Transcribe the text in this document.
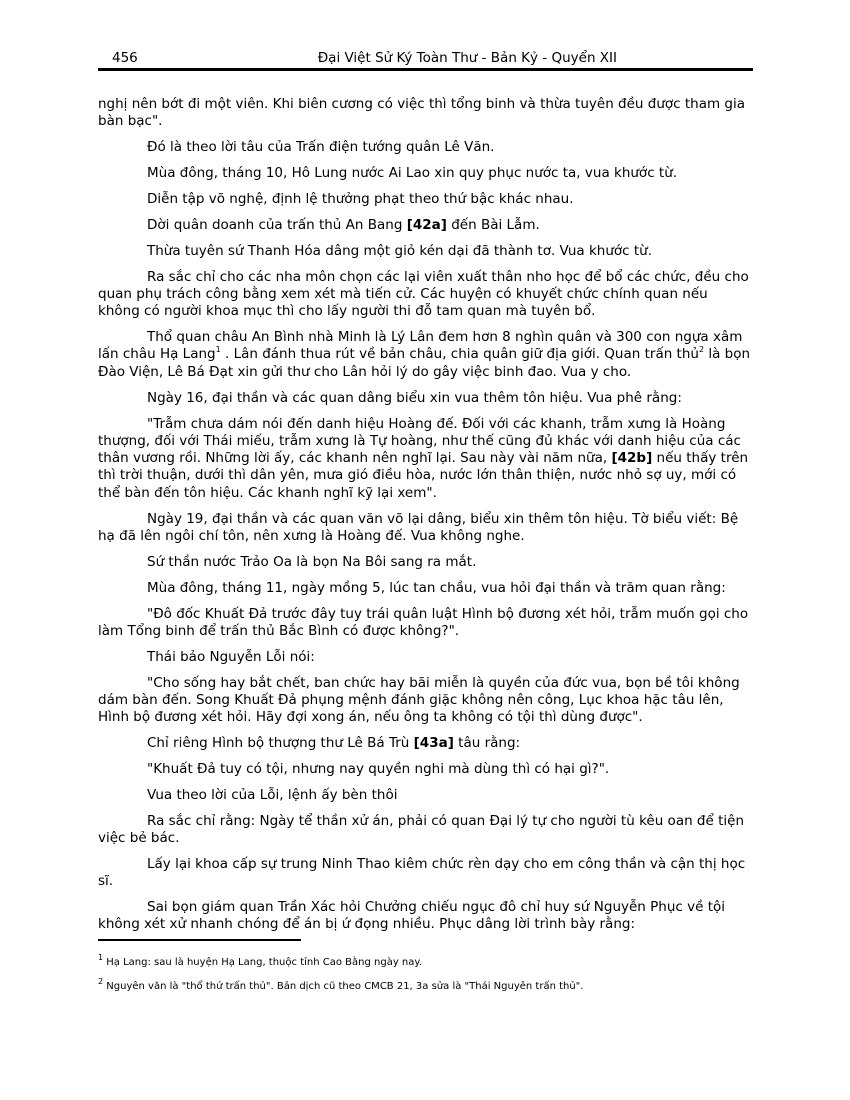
456	Đại Việt Sử Ký Toàn Thư - Bản Kỷ - Quyển XII

nghị nên bớt đi một viên. Khi biên cương có việc thì tổng binh và thừa tuyên đều được tham gia bàn bạc".

Đó là theo lời tâu của Trấn điện tướng quân Lê Văn.

Mùa đông, tháng 10, Hô Lung nước Ai Lao xin quy phục nước ta, vua khước từ.

Diễn tập võ nghệ, định lệ thưởng phạt theo thứ bậc khác nhau.

Dời quân doanh của trấn thủ An Bang [42a] đến Bài Lẫm.

Thừa tuyên sứ Thanh Hóa dâng một giỏ kén dại đã thành tơ. Vua khước từ.

Ra sắc chỉ cho các nha môn chọn các lại viên xuất thân nho học để bổ các chức, đều cho quan phụ trách công bằng xem xét mà tiến cử. Các huyện có khuyết chức chính quan nếu không có người khoa mục thì cho lấy người thi đỗ tam quan mà tuyên bổ.

Thổ quan châu An Bình nhà Minh là Lý Lân đem hơn 8 nghìn quân và 300 con ngựa xâm lấn châu Hạ Lang$^1$ . Lân đánh thua rút về bản châu, chia quân giữ địa giới. Quan trấn thủ$^2$ là bọn Đào Viện, Lê Bá Đạt xin gửi thư cho Lân hỏi lý do gây việc binh đao. Vua y cho.

Ngày 16, đại thần và các quan dâng biểu xin vua thêm tôn hiệu. Vua phê rằng:

"Trẫm chưa dám nói đến danh hiệu Hoàng đế. Đối với các khanh, trẫm xưng là Hoàng thượng, đối với Thái miếu, trẫm xưng là Tự hoàng, như thế cũng đủ khác với danh hiệu của các thân vương rồi. Những lời ấy, các khanh nên nghĩ lại. Sau này vài năm nữa, [42b] nếu thấy trên thì trời thuận, dưới thì dân yên, mưa gió điều hòa, nước lớn thân thiện, nước nhỏ sợ uy, mới có thể bàn đến tôn hiệu. Các khanh nghĩ kỹ lại xem".

Ngày 19, đại thần và các quan văn võ lại dâng, biểu xin thêm tôn hiệu. Tờ biểu viết: Bệ hạ đã lên ngôi chí tôn, nên xưng là Hoàng đế. Vua không nghe.

Sứ thần nước Trảo Oa là bọn Na Bôi sang ra mắt.

Mùa đông, tháng 11, ngày mồng 5, lúc tan chầu, vua hỏi đại thần và trăm quan rằng:

"Đô đốc Khuất Đả trước đây tuy trái quân luật Hình bộ đương xét hỏi, trẫm muốn gọi cho làm Tổng binh để trấn thủ Bắc Bình có được không?".

Thái bảo Nguyễn Lỗi nói:

"Cho sống hay bắt chết, ban chức hay bãi miễn là quyền của đức vua, bọn bề tôi không dám bàn đến. Song Khuất Đả phụng mệnh đánh giặc không nên công, Lục khoa hặc tâu lên, Hình bộ đương xét hỏi. Hãy đợi xong án, nếu ông ta không có tội thì dùng được".

Chỉ riêng Hình bộ thượng thư Lê Bá Trù [43a] tâu rằng:

"Khuất Đả tuy có tội, nhưng nay quyền nghi mà dùng thì có hại gì?".

Vua theo lời của Lỗi, lệnh ấy bèn thôi

Ra sắc chỉ rằng: Ngày tể thần xử án, phải có quan Đại lý tự cho người tù kêu oan để tiện việc bẻ bác.

Lấy lại khoa cấp sự trung Ninh Thao kiêm chức rèn dạy cho em công thần và cận thị học sĩ.

Sai bọn giám quan Trần Xác hỏi Chưởng chiếu ngục đô chỉ huy sứ Nguyễn Phục về tội không xét xử nhanh chóng để án bị ứ đọng nhiều. Phục dâng lời trình bày rằng:

$^1$ Hạ Lang: sau là huyện Hạ Lang, thuộc tỉnh Cao Bằng ngày nay.
$^2$ Nguyên văn là "thổ thứ trấn thủ". Bản dịch cũ theo CMCB 21, 3a sửa là "Thái Nguyên trấn thủ".
